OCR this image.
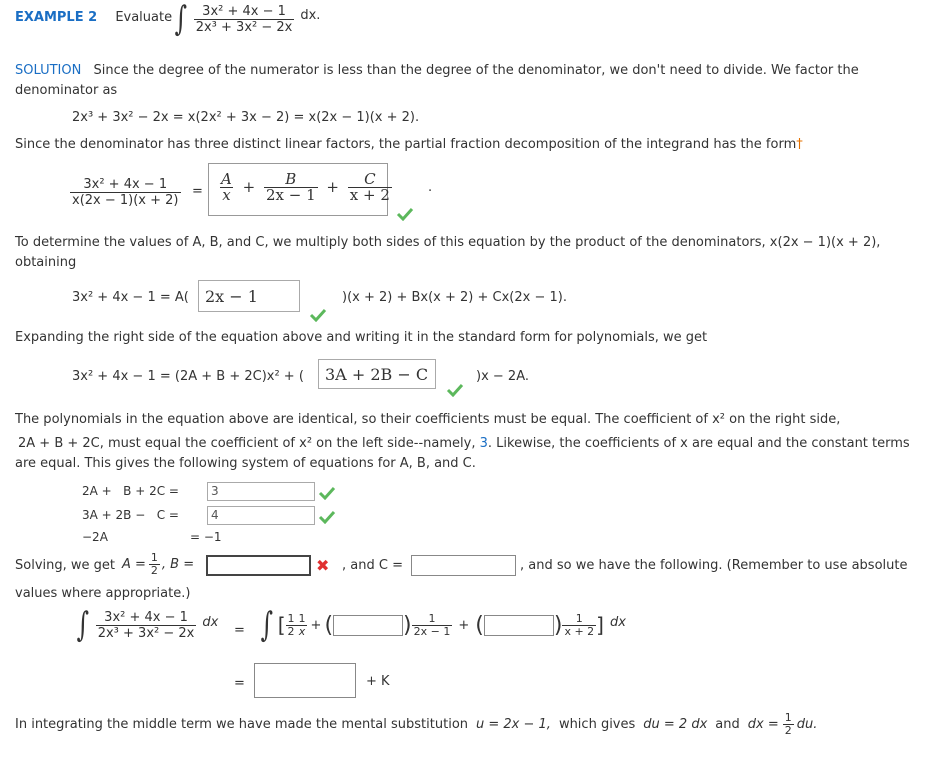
EXAMPLE 2 Evaluate ∫ $\frac{\text{3x² + 4x − 1}}{\text{2x³ + 3x² − 2x}}$ dx.
SOLUTION Since the degree of the numerator is less than the degree of the denominator, we don't need to divide. We factor the denominator as
2x³ + 3x² − 2x = x(2x² + 3x − 2) = x(2x − 1)(x + 2).
Since the denominator has three distinct linear factors, the partial fraction decomposition of the integrand has the form†
$\frac{\text{3x² + 4x − 1}}{x(2x - 1)(x + 2)} = \frac{A}{x} + \frac{B}{2x - 1} + \frac{C}{x + 2}$	.
To determine the values of A, B, and C, we multiply both sides of this equation by the product of the denominators, x(2x − 1)(x + 2), obtaining
3x² + 4x − 1 = A(	2x − 1	)(x + 2) + Bx(x + 2) + Cx(2x − 1).
Expanding the right side of the equation above and writing it in the standard form for polynomials, we get
3x² + 4x − 1 = (2A + B + 2C)x² + (	3A + 2B − C	)x − 2A.
The polynomials in the equation above are identical, so their coefficients must be equal. The coefficient of x² on the right side,
2A + B + 2C, must equal the coefficient of x² on the left side--namely, 3. Likewise, the coefficients of x are equal and the constant terms
are equal. This gives the following system of equations for A, B, and C.
2A +   B + 2C =	3
3A + 2B −   C =	4
−2A	= −1
Solving, we get $A = \frac{1}{2}$ , B =	✖ , and C =	, and so we have the following. (Remember to use absolute
values where appropriate.)
∫ $\frac{\text{3x² + 4x − 1}}{\text{2x³ + 3x² − 2x}}$ dx
= ∫ [ $\frac{1}{2} \frac{1}{x}$ + (	) $\frac{1}{2x - 1}$ + (	) $\frac{1}{x + 2}$ ] dx
=	+ K
In integrating the middle term we have made the mental substitution u = 2x − 1, which gives du = 2 dx and dx = $\frac{1}{2}$ du.
